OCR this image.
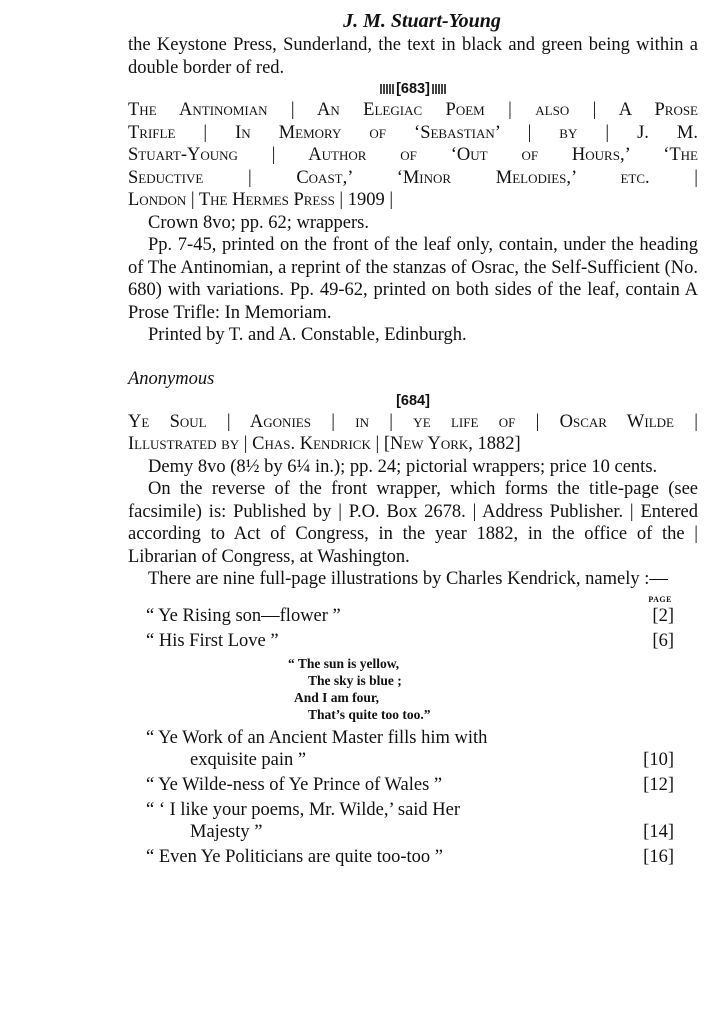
J. M. Stuart-Young

the Keystone Press, Sunderland, the text in black and green being within a double border of red.

[683]
The Antinomian | An Elegiac Poem | also | A Prose
Trifle | In Memory of ‘Sebastian’ | by | J. M.
Stuart-Young | Author of ‘Out of Hours,’ ‘The
Seductive | Coast,’ ‘Minor Melodies,’ etc. |
London | The Hermes Press | 1909 |

Crown 8vo; pp. 62; wrappers.

Pp. 7-45, printed on the front of the leaf only, contain, under the heading of The Antinomian, a reprint of the stanzas of Osrac, the Self-Sufficient (No. 680) with variations. Pp. 49-62, printed on both sides of the leaf, contain A Prose Trifle: In Memoriam.

Printed by T. and A. Constable, Edinburgh.

Anonymous
[684]
Ye Soul | Agonies | in | ye life of | Oscar Wilde |
Illustrated by | Chas. Kendrick | [New York, 1882]

Demy 8vo (8½ by 6¼ in.); pp. 24; pictorial wrappers; price 10 cents.

On the reverse of the front wrapper, which forms the title-page (see facsimile) is: Published by | P.O. Box 2678. | Address Publisher. | Entered according to Act of Congress, in the year 1882, in the office of the | Librarian of Congress, at Washington.

There are nine full-page illustrations by Charles Kendrick, namely :—

PAGE
“ Ye Rising son—flower ”	[2]
“ His First Love ”	[6]
“ The sun is yellow,
The sky is blue ;
And I am four,
That’s quite too too.”
“ Ye Work of an Ancient Master fills him with
exquisite pain ”	[10]
“ Ye Wilde-ness of Ye Prince of Wales ”	[12]
“ ‘ I like your poems, Mr. Wilde,’ said Her
Majesty ”	[14]
“ Even Ye Politicians are quite too-too ”	[16]
